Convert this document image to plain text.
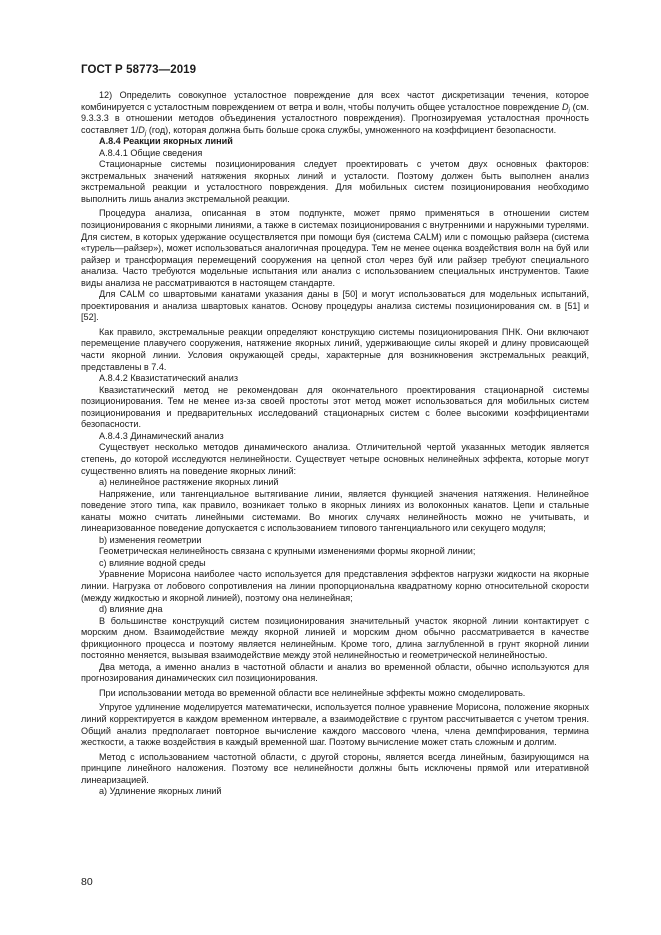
ГОСТ Р 58773—2019

12) Определить совокупное усталостное повреждение для всех частот дискретизации течения, которое комбинируется с усталостным повреждением от ветра и волн, чтобы получить общее усталостное повреждение $D_j$ (см. 9.3.3.3 в отношении методов объединения усталостного повреждения). Прогнозируемая усталостная прочность составляет $1/D_j$ (год), которая должна быть больше срока службы, умноженного на коэффициент безопасности.

А.8.4 Реакции якорных линий

А.8.4.1 Общие сведения

Стационарные системы позиционирования следует проектировать с учетом двух основных факторов: экстремальных значений натяжения якорных линий и усталости. Поэтому должен быть выполнен анализ экстремальной реакции и усталостного повреждения. Для мобильных систем позиционирования необходимо выполнить лишь анализ экстремальной реакции.

Процедура анализа, описанная в этом подпункте, может прямо применяться в отношении систем позиционирования с якорными линиями, а также в системах позиционирования с внутренними и наружными турелями. Для систем, в которых удержание осуществляется при помощи буя (система CALM) или с помощью райзера (система «турель—райзер»), может использоваться аналогичная процедура. Тем не менее оценка воздействия волн на буй или райзер и трансформация перемещений сооружения на цепной стол через буй или райзер требуют специального анализа. Часто требуются модельные испытания или анализ с использованием специальных инструментов. Такие виды анализа не рассматриваются в настоящем стандарте.

Для CALM со швартовыми канатами указания даны в [50] и могут использоваться для модельных испытаний, проектирования и анализа швартовых канатов. Основу процедуры анализа системы позиционирования см. в [51] и [52].

Как правило, экстремальные реакции определяют конструкцию системы позиционирования ПНК. Они включают перемещение плавучего сооружения, натяжение якорных линий, удерживающие силы якорей и длину провисающей части якорной линии. Условия окружающей среды, характерные для возникновения экстремальных реакций, представлены в 7.4.

А.8.4.2 Квазистатический анализ

Квазистатический метод не рекомендован для окончательного проектирования стационарной системы позиционирования. Тем не менее из-за своей простоты этот метод может использоваться для мобильных систем позиционирования и предварительных исследований стационарных систем с более высокими коэффициентами безопасности.

А.8.4.3 Динамический анализ

Существует несколько методов динамического анализа. Отличительной чертой указанных методик является степень, до которой исследуются нелинейности. Существует четыре основных нелинейных эффекта, которые могут существенно влиять на поведение якорных линий:

а) нелинейное растяжение якорных линий

Напряжение, или тангенциальное вытягивание линии, является функцией значения натяжения. Нелинейное поведение этого типа, как правило, возникает только в якорных линиях из волоконных канатов. Цепи и стальные канаты можно считать линейными системами. Во многих случаях нелинейность можно не учитывать, и линеаризованное поведение допускается с использованием типового тангенциального или секущего модуля;

b) изменения геометрии

Геометрическая нелинейность связана с крупными изменениями формы якорной линии;

с) влияние водной среды

Уравнение Морисона наиболее часто используется для представления эффектов нагрузки жидкости на якорные линии. Нагрузка от лобового сопротивления на линии пропорциональна квадратному корню относительной скорости (между жидкостью и якорной линией), поэтому она нелинейная;

d) влияние дна

В большинстве конструкций систем позиционирования значительный участок якорной линии контактирует с морским дном. Взаимодействие между якорной линией и морским дном обычно рассматривается в качестве фрикционного процесса и поэтому является нелинейным. Кроме того, длина заглубленной в грунт якорной линии постоянно меняется, вызывая взаимодействие между этой нелинейностью и геометрической нелинейностью.

Два метода, а именно анализ в частотной области и анализ во временной области, обычно используются для прогнозирования динамических сил позиционирования.

При использовании метода во временной области все нелинейные эффекты можно смоделировать.

Упругое удлинение моделируется математически, используется полное уравнение Морисона, положение якорных линий корректируется в каждом временном интервале, а взаимодействие с грунтом рассчитывается с учетом трения. Общий анализ предполагает повторное вычисление каждого массового члена, члена демпфирования, термина жесткости, а также воздействия в каждый временной шаг. Поэтому вычисление может стать сложным и долгим.

Метод с использованием частотной области, с другой стороны, является всегда линейным, базирующимся на принципе линейного наложения. Поэтому все нелинейности должны быть исключены прямой или итеративной линеаризацией.

а) Удлинение якорных линий

80
